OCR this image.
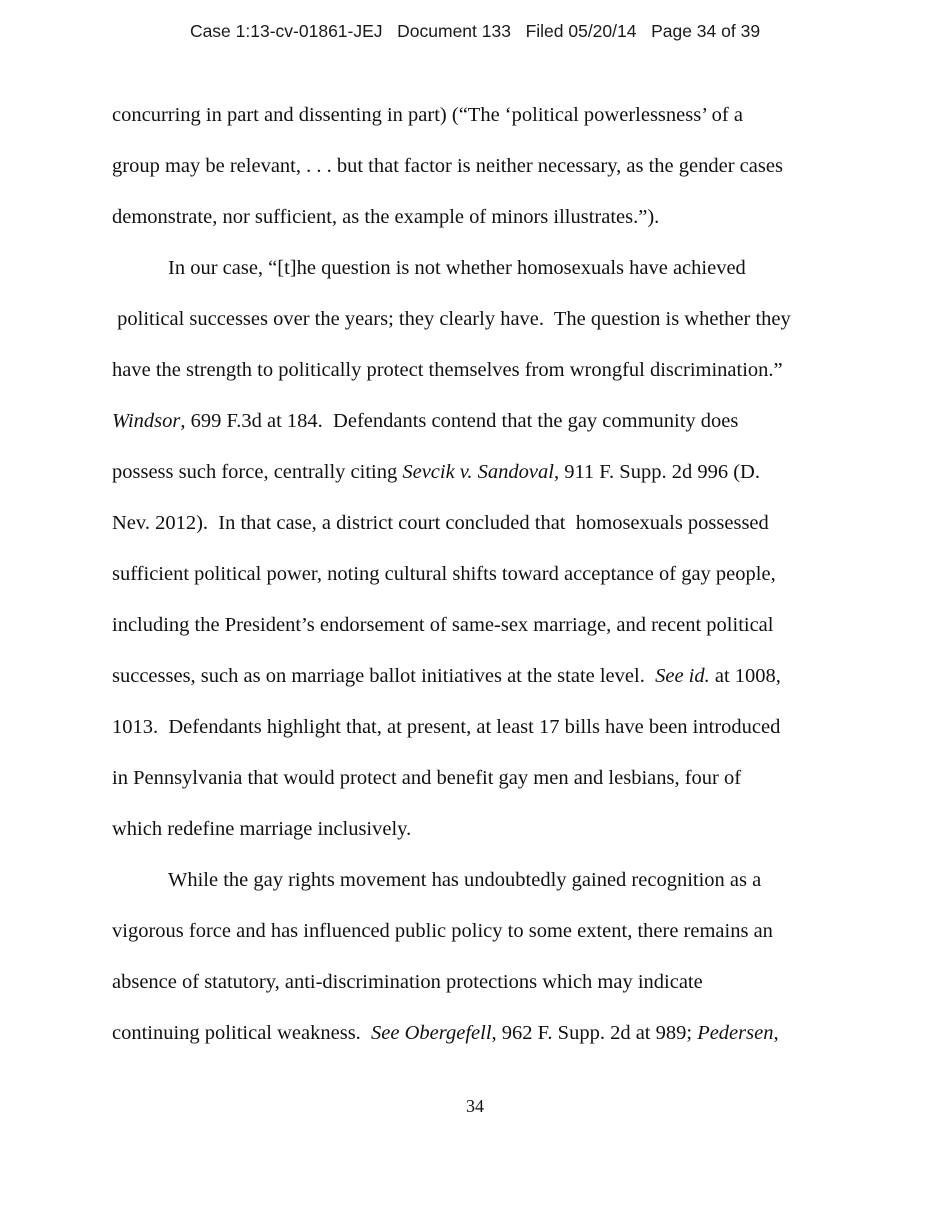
Case 1:13-cv-01861-JEJ Document 133 Filed 05/20/14 Page 34 of 39
concurring in part and dissenting in part) (“The ‘political powerlessness’ of a
group may be relevant, . . . but that factor is neither necessary, as the gender cases
demonstrate, nor sufficient, as the example of minors illustrates.”).
In our case, “[t]he question is not whether homosexuals have achieved
political successes over the years; they clearly have.  The question is whether they
have the strength to politically protect themselves from wrongful discrimination.”
Windsor, 699 F.3d at 184.  Defendants contend that the gay community does
possess such force, centrally citing Sevcik v. Sandoval, 911 F. Supp. 2d 996 (D.
Nev. 2012).  In that case, a district court concluded that  homosexuals possessed
sufficient political power, noting cultural shifts toward acceptance of gay people,
including the President’s endorsement of same-sex marriage, and recent political
successes, such as on marriage ballot initiatives at the state level.  See id. at 1008,
1013.  Defendants highlight that, at present, at least 17 bills have been introduced
in Pennsylvania that would protect and benefit gay men and lesbians, four of
which redefine marriage inclusively.
While the gay rights movement has undoubtedly gained recognition as a
vigorous force and has influenced public policy to some extent, there remains an
absence of statutory, anti-discrimination protections which may indicate
continuing political weakness.  See Obergefell, 962 F. Supp. 2d at 989; Pedersen,
34
